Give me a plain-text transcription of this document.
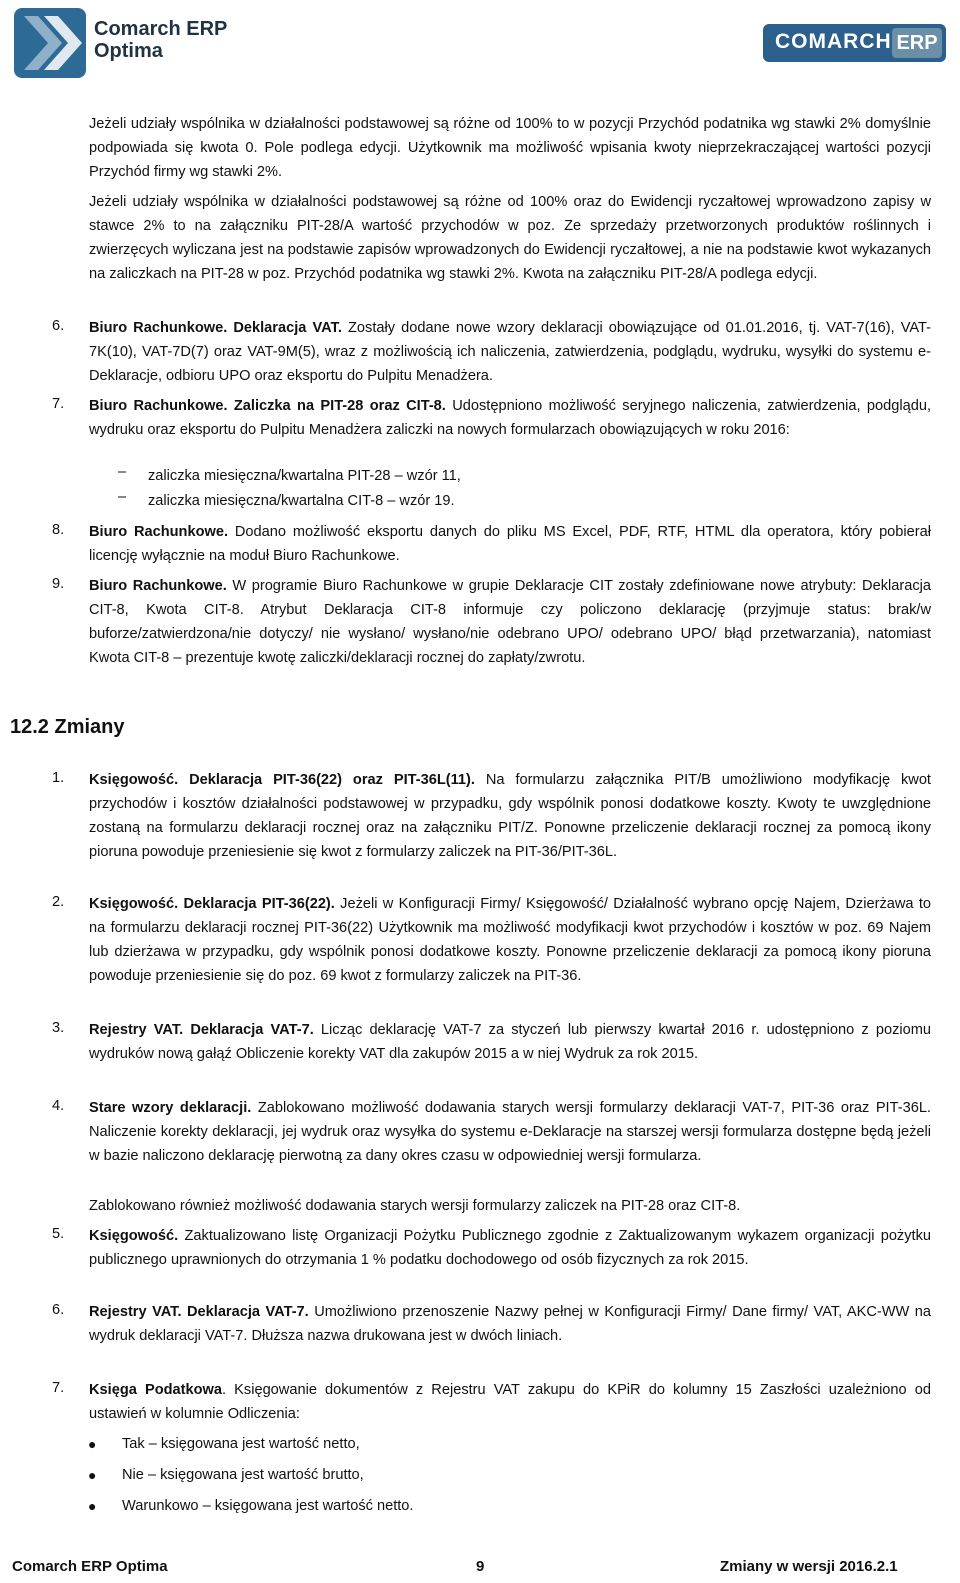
Comarch ERP
Optima	COMARCH ERP
Jeżeli udziały wspólnika w działalności podstawowej są różne od 100% to w pozycji Przychód podatnika wg stawki 2% domyślnie podpowiada się kwota 0. Pole podlega edycji. Użytkownik ma możliwość wpisania kwoty nieprzekraczającej wartości pozycji Przychód firmy wg stawki 2%.
Jeżeli udziały wspólnika w działalności podstawowej są różne od 100% oraz do Ewidencji ryczałtowej wprowadzono zapisy w stawce 2% to na załączniku PIT-28/A wartość przychodów w poz. Ze sprzedaży przetworzonych produktów roślinnych i zwierzęcych wyliczana jest na podstawie zapisów wprowadzonych do Ewidencji ryczałtowej, a nie na podstawie kwot wykazanych na zaliczkach na PIT-28 w poz. Przychód podatnika wg stawki 2%. Kwota na załączniku PIT-28/A podlega edycji.
6. Biuro Rachunkowe. Deklaracja VAT. Zostały dodane nowe wzory deklaracji obowiązujące od 01.01.2016, tj. VAT-7(16), VAT-7K(10), VAT-7D(7) oraz VAT-9M(5), wraz z możliwością ich naliczenia, zatwierdzenia, podglądu, wydruku, wysyłki do systemu e-Deklaracje, odbioru UPO oraz eksportu do Pulpitu Menadżera.
7. Biuro Rachunkowe. Zaliczka na PIT-28 oraz CIT-8. Udostępniono możliwość seryjnego naliczenia, zatwierdzenia, podglądu, wydruku oraz eksportu do Pulpitu Menadżera zaliczki na nowych formularzach obowiązujących w roku 2016:
– zaliczka miesięczna/kwartalna PIT-28 – wzór 11,
– zaliczka miesięczna/kwartalna CIT-8 – wzór 19.
8. Biuro Rachunkowe. Dodano możliwość eksportu danych do pliku MS Excel, PDF, RTF, HTML dla operatora, który pobierał licencję wyłącznie na moduł Biuro Rachunkowe.
9. Biuro Rachunkowe. W programie Biuro Rachunkowe w grupie Deklaracje CIT zostały zdefiniowane nowe atrybuty: Deklaracja CIT-8, Kwota CIT-8. Atrybut Deklaracja CIT-8 informuje czy policzono deklarację (przyjmuje status: brak/w buforze/zatwierdzona/nie dotyczy/ nie wysłano/ wysłano/nie odebrano UPO/ odebrano UPO/ błąd przetwarzania), natomiast Kwota CIT-8 – prezentuje kwotę zaliczki/deklaracji rocznej do zapłaty/zwrotu.
12.2 Zmiany
1. Księgowość. Deklaracja PIT-36(22) oraz PIT-36L(11). Na formularzu załącznika PIT/B umożliwiono modyfikację kwot przychodów i kosztów działalności podstawowej w przypadku, gdy wspólnik ponosi dodatkowe koszty. Kwoty te uwzględnione zostaną na formularzu deklaracji rocznej oraz na załączniku PIT/Z. Ponowne przeliczenie deklaracji rocznej za pomocą ikony pioruna powoduje przeniesienie się kwot z formularzy zaliczek na PIT-36/PIT-36L.
2. Księgowość. Deklaracja PIT-36(22). Jeżeli w Konfiguracji Firmy/ Księgowość/ Działalność wybrano opcję Najem, Dzierżawa to na formularzu deklaracji rocznej PIT-36(22) Użytkownik ma możliwość modyfikacji kwot przychodów i kosztów w poz. 69 Najem lub dzierżawa w przypadku, gdy wspólnik ponosi dodatkowe koszty. Ponowne przeliczenie deklaracji za pomocą ikony pioruna powoduje przeniesienie się do poz. 69 kwot z formularzy zaliczek na PIT-36.
3. Rejestry VAT. Deklaracja VAT-7. Licząc deklarację VAT-7 za styczeń lub pierwszy kwartał 2016 r. udostępniono z poziomu wydruków nową gałąź Obliczenie korekty VAT dla zakupów 2015 a w niej Wydruk za rok 2015.
4. Stare wzory deklaracji. Zablokowano możliwość dodawania starych wersji formularzy deklaracji VAT-7, PIT-36 oraz PIT-36L. Naliczenie korekty deklaracji, jej wydruk oraz wysyłka do systemu e-Deklaracje na starszej wersji formularza dostępne będą jeżeli w bazie naliczono deklarację pierwotną za dany okres czasu w odpowiedniej wersji formularza.
Zablokowano również możliwość dodawania starych wersji formularzy zaliczek na PIT-28 oraz CIT-8.
5. Księgowość. Zaktualizowano listę Organizacji Pożytku Publicznego zgodnie z Zaktualizowanym wykazem organizacji pożytku publicznego uprawnionych do otrzymania 1 % podatku dochodowego od osób fizycznych za rok 2015.
6. Rejestry VAT. Deklaracja VAT-7. Umożliwiono przenoszenie Nazwy pełnej w Konfiguracji Firmy/ Dane firmy/ VAT, AKC-WW na wydruk deklaracji VAT-7. Dłuższa nazwa drukowana jest w dwóch liniach.
7. Księga Podatkowa. Księgowanie dokumentów z Rejestru VAT zakupu do KPiR do kolumny 15 Zaszłości uzależniono od ustawień w kolumnie Odliczenia:
● Tak – księgowana jest wartość netto,
● Nie – księgowana jest wartość brutto,
● Warunkowo – księgowana jest wartość netto.
Comarch ERP Optima	9	Zmiany w wersji 2016.2.1
